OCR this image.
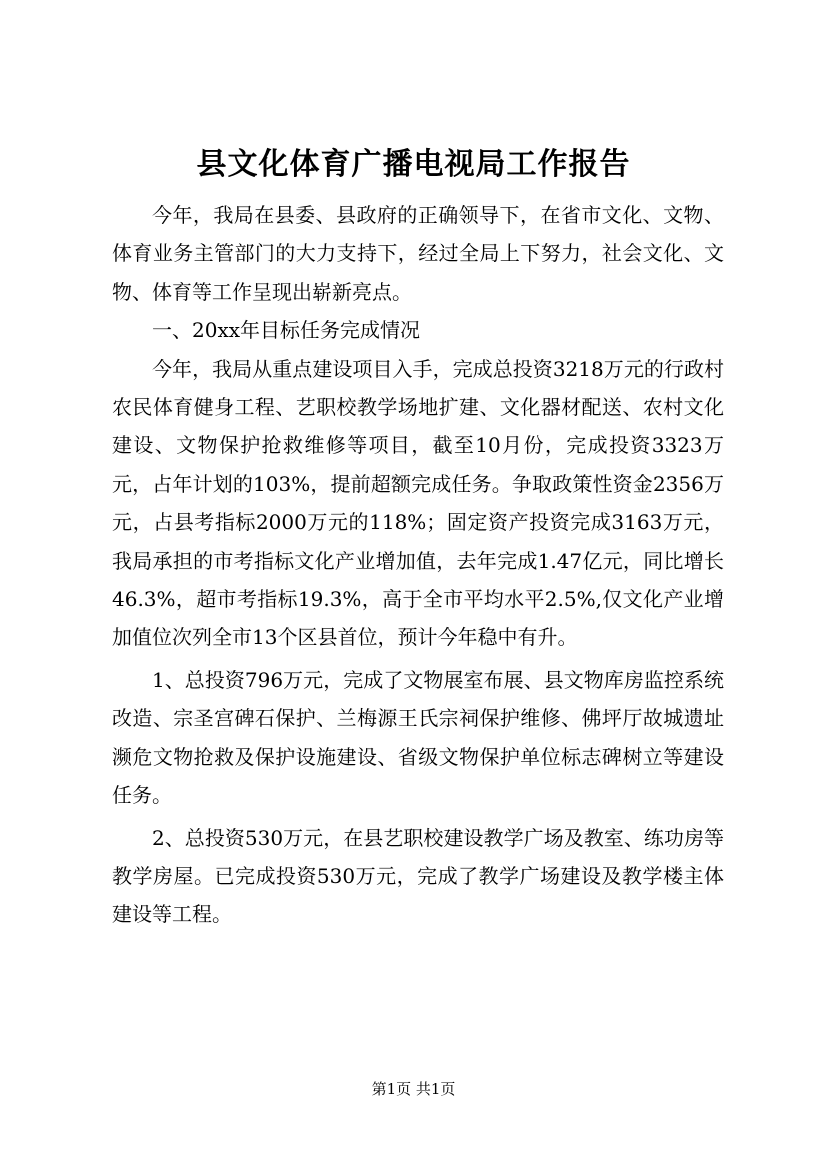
县文化体育广播电视局工作报告

今年，我局在县委、县政府的正确领导下，在省市文化、文物、体育业务主管部门的大力支持下，经过全局上下努力，社会文化、文物、体育等工作呈现出崭新亮点。

一、20xx年目标任务完成情况

今年，我局从重点建设项目入手，完成总投资3218万元的行政村农民体育健身工程、艺职校教学场地扩建、文化器材配送、农村文化建设、文物保护抢救维修等项目，截至10月份，完成投资3323万元，占年计划的103%，提前超额完成任务。争取政策性资金2356万元，占县考指标2000万元的118%；固定资产投资完成3163万元，我局承担的市考指标文化产业增加值，去年完成1.47亿元，同比增长46.3%，超市考指标19.3%，高于全市平均水平2.5%,仅文化产业增加值位次列全市13个区县首位，预计今年稳中有升。

1、总投资796万元，完成了文物展室布展、县文物库房监控系统改造、宗圣宫碑石保护、兰梅源王氏宗祠保护维修、佛坪厅故城遗址濒危文物抢救及保护设施建设、省级文物保护单位标志碑树立等建设任务。

2、总投资530万元，在县艺职校建设教学广场及教室、练功房等教学房屋。已完成投资530万元，完成了教学广场建设及教学楼主体建设等工程。

第1页 共1页
